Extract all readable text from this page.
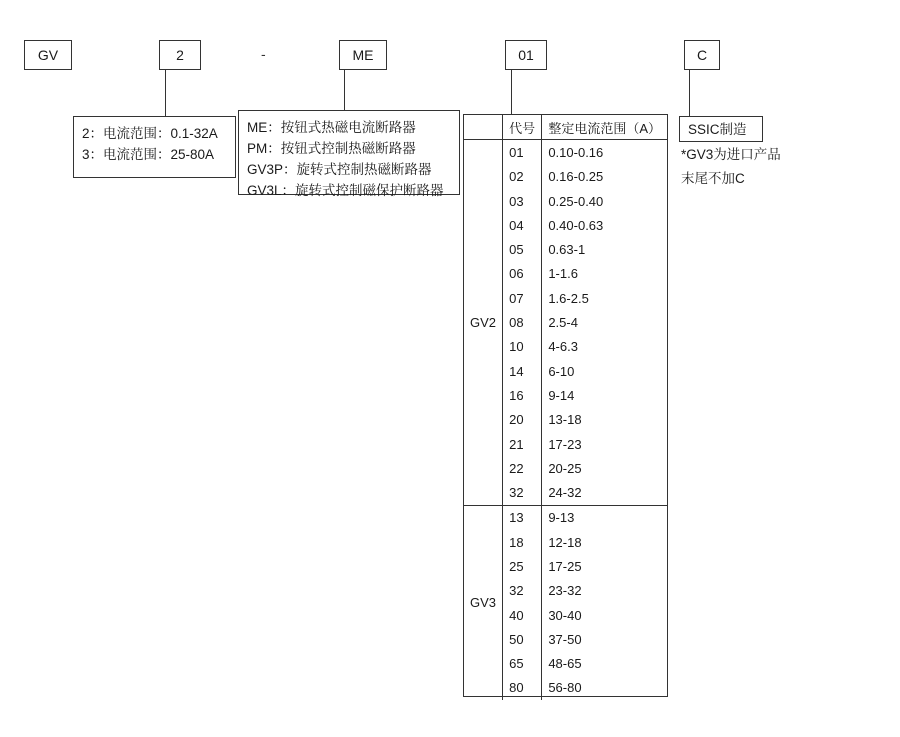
GV	2	-	ME	01	C
2：电流范围：0.1-32A
3：电流范围：25-80A
ME：按钮式热磁电流断路器
PM：按钮式控制热磁断路器
GV3P：旋转式控制热磁断路器
GV3L：旋转式控制磁保护断路器
SSIC制造
*GV3为进口产品
末尾不加C
	代号	整定电流范围（A）
GV2	01	0.10-0.16
	02	0.16-0.25
	03	0.25-0.40
	04	0.40-0.63
	05	0.63-1
	06	1-1.6
	07	1.6-2.5
	08	2.5-4
	10	4-6.3
	14	6-10
	16	9-14
	20	13-18
	21	17-23
	22	20-25
	32	24-32
GV3	13	9-13
	18	12-18
	25	17-25
	32	23-32
	40	30-40
	50	37-50
	65	48-65
	80	56-80
